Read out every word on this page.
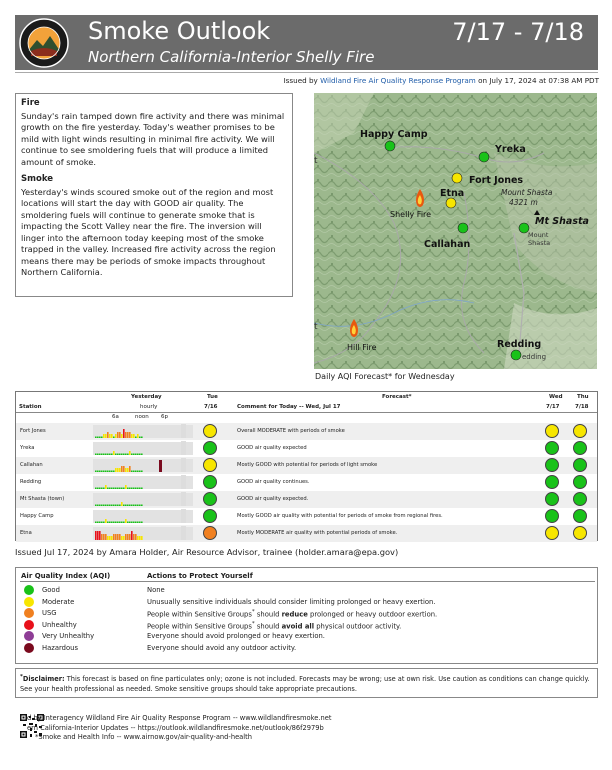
Smoke Outlook
Northern California-Interior Shelly Fire
7/17 - 7/18
Issued by Wildland Fire Air Quality Response Program on July 17, 2024 at 07:38 AM PDT
Fire

Sunday's rain tamped down fire activity and there was minimal growth on the fire yesterday. Today's weather promises to be mild with light winds resulting in minimal fire activity. We will continue to see smoldering fuels that will produce a limited amount of smoke.

Smoke

Yesterday's winds scoured smoke out of the region and most locations will start the day with GOOD air quality. The smoldering fuels will continue to generate smoke that is impacting the Scott Valley near the fire. The inversion will linger into the afternoon today keeping most of the smoke trapped in the valley. Increased fire activity across the region means there may be periods of smoke impacts throughout Northern California.

t
t
Happy Camp
Yreka
Fort Jones
Etna
Shelly Fire
Callahan
Mount Shasta
4321 m
Mt Shasta
Mount
Shasta
Hill Fire	Redding
edding
Daily AQI Forecast* for Wednesday
Yesterday
hourly
Station
Tue
7/16
Forecast*
Comment for Today -- Wed, Jul 17
Wed
7/17
Thu
7/18
6a	noon 6p
Fort Jones	Overall MODERATE with periods of smoke
Yreka	GOOD air quality expected
Callahan	Mostly GOOD with potential for periods of light smoke
Redding	GOOD air quality continues.
Mt Shasta (town)	GOOD air quality expected.
Happy Camp	Mostly GOOD air quality with potential for periods of smoke from regional fires.
Etna	Mostly MODERATE air quality with potential periods of smoke.
Issued Jul 17, 2024 by Amara Holder, Air Resource Advisor, trainee (holder.amara@epa.gov)
Air Quality Index (AQI)	Actions to Protect Yourself
Good	None
Moderate	Unusually sensitive individuals should consider limiting prolonged or heavy exertion.
USG	People within Sensitive Groups* should reduce prolonged or heavy outdoor exertion.
Unhealthy	People within Sensitive Groups* should avoid all physical outdoor activity.
Very Unhealthy	Everyone should avoid prolonged or heavy exertion.
Hazardous	Everyone should avoid any outdoor activity.
*Disclaimer: This forecast is based on fine particulates only; ozone is not included. Forecasts may be wrong; use at own risk. Use caution as conditions can change quickly. See your health professional as needed. Smoke sensitive groups should take appropriate precautions.
d by Interagency Wildland Fire Air Quality Response Program -- www.wildlandfiresmoke.net
ern California-Interior Updates -- https://outlook.wildlandfiresmoke.net/outlook/86f2979b
*Smoke and Health Info -- www.airnow.gov/air-quality-and-health
